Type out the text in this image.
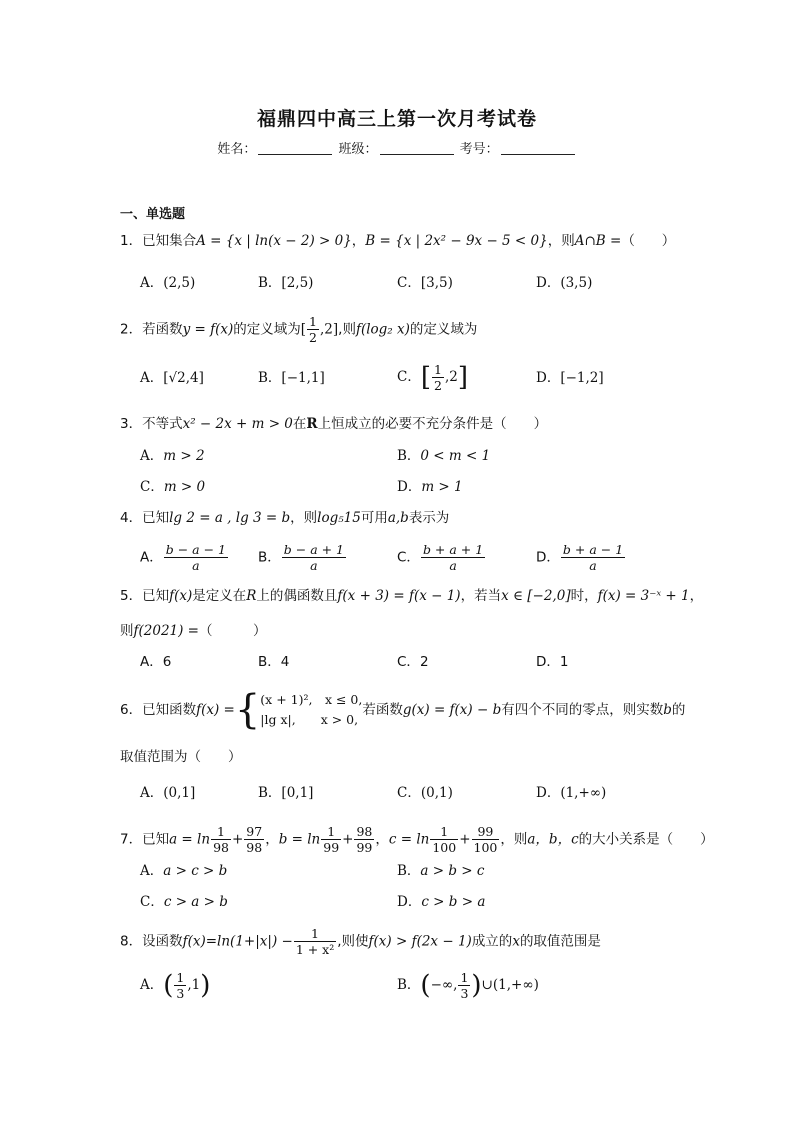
福鼎四中高三上第一次月考试卷
姓名：	班级：	考号：
一、单选题
1．已知集合A = {x | ln(x − 2) > 0}，B = {x | 2x² − 9x − 5 < 0}，则A∩B =（　　）
A．(2,5)	B．[2,5)	C．[3,5)	D．(3,5)
2．若函数y = f(x)的定义域为[ $\frac{1}{2} ,2$],则f(log₂ x)的定义域为
A．[√2,4]	B．[−1,1]	C．[ $\frac{1}{2} ,2$]	D．[−1,2]
3．不等式x² − 2x + m > 0在R上恒成立的必要不充分条件是（　　）
A．m > 2	B．0 < m < 1
C．m > 0	D．m > 1
4．已知lg 2 = a , lg 3 = b，则log₅15可用a,b表示为
A． $\frac{b - a - 1}{a}$ B． $\frac{b - a + 1}{a}$	C． $\frac{b + a + 1}{a}$	D． $\frac{b + a - 1}{a}$
5．已知f(x)是定义在R上的偶函数且f(x + 3) = f(x − 1)，若当x ∈ [−2,0]时，f(x) = 3⁻ˣ + 1，
则f(2021) =（　　　）
A．6	B．4	C．2	D．1
6．已知函数f(x) ={ (x + 1)²,　x ≤ 0,
|lg x|,　　x > 0,
若函数g(x) = f(x) − b有四个不同的零点，则实数b的
取值范围为（　　）
A．(0,1]	B．[0,1]	C．(0,1)	D．(1,+∞)
7．已知$a = \ln \frac{1}{98} + \frac{97}{98}$ ，$b = \ln \frac{1}{99} + \frac{98}{99}$ ，$c = \ln \frac{1}{100} + \frac{99}{100}$ ，则a，b，c的大小关系是（　　）
A．a > c > b	B．a > b > c
C．c > a > b	D．c > b > a
8．设函数$f(x)=\ln(1+|x|) - \frac{1}{\text{1 + x²}}$ ,则使f(x) > f(2x − 1)成立的x的取值范围是
A．( $\frac{1}{3} ,1$)	B．(−∞, $\frac{1}{3}$ )∪(1,+∞)
